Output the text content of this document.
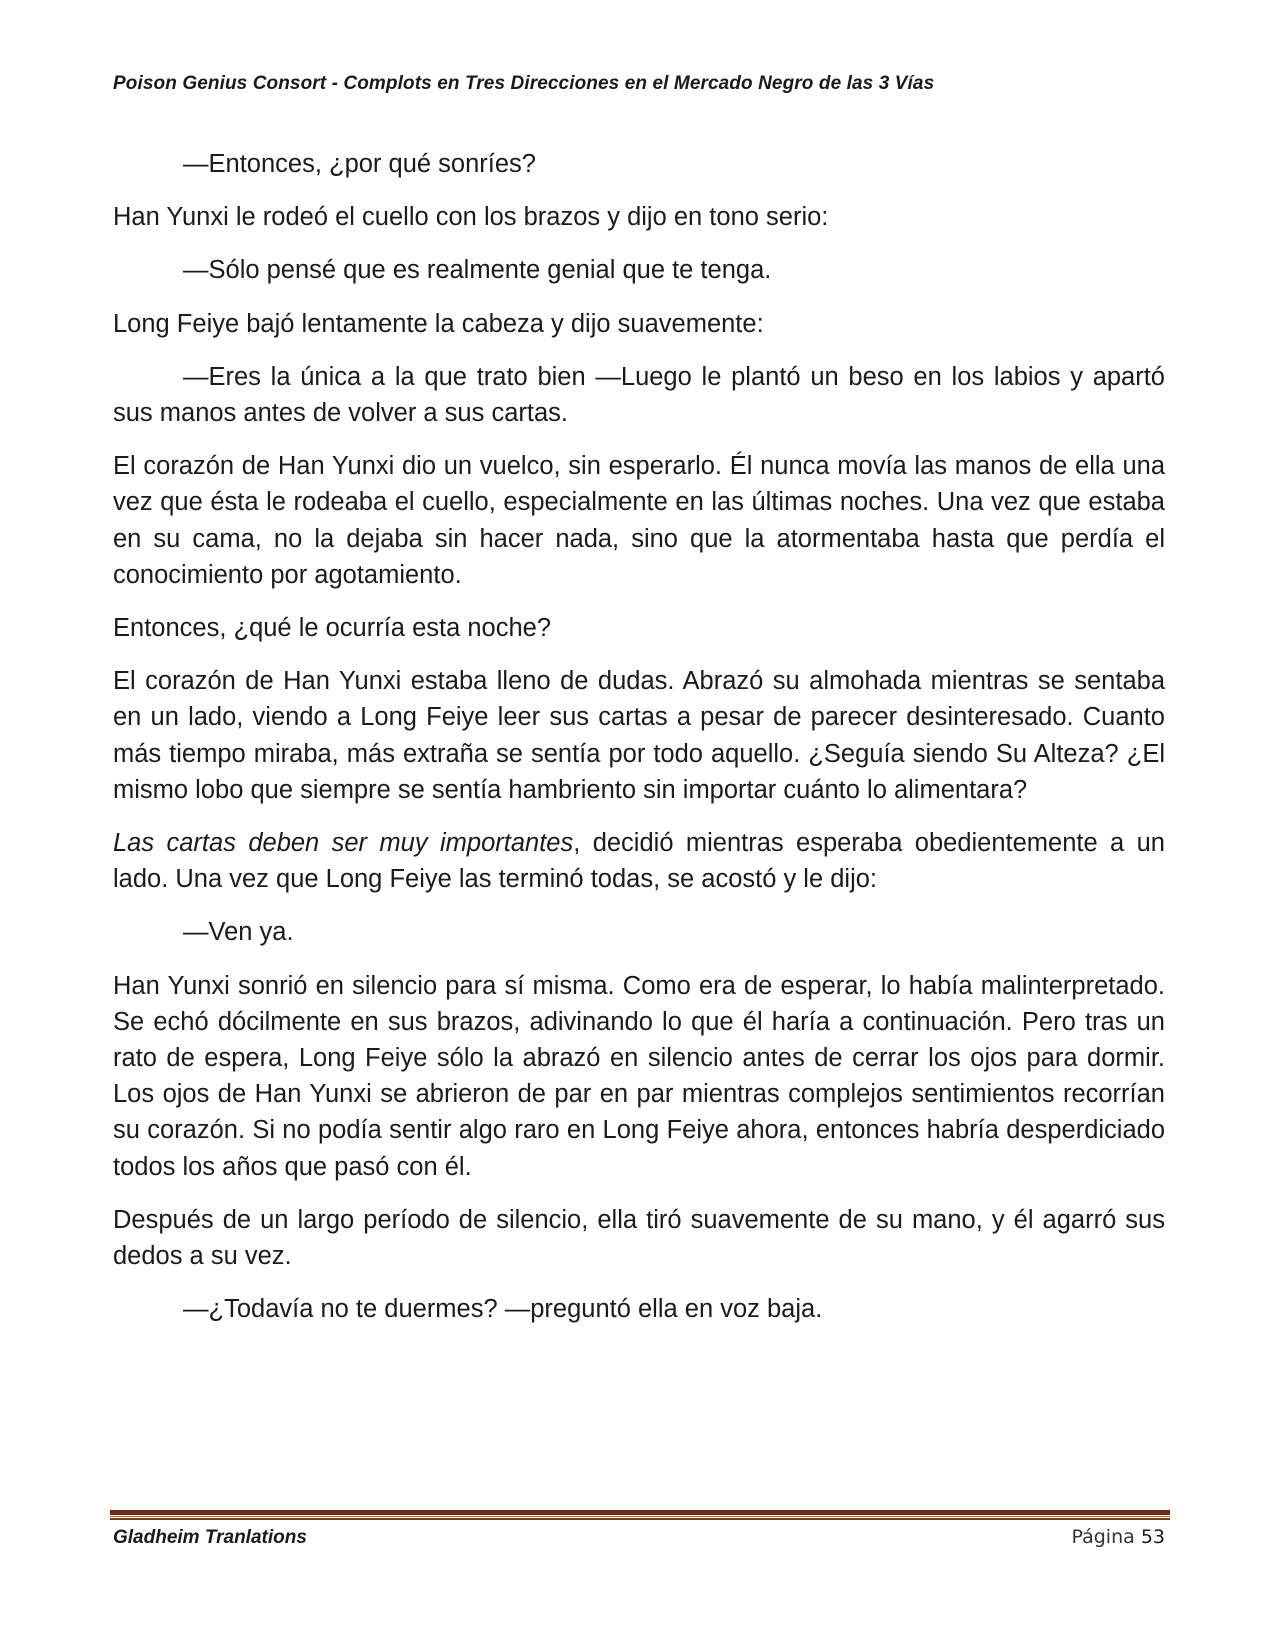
Poison Genius Consort - Complots en Tres Direcciones en el Mercado Negro de las 3 Vías

—Entonces, ¿por qué sonríes?

Han Yunxi le rodeó el cuello con los brazos y dijo en tono serio:

—Sólo pensé que es realmente genial que te tenga.

Long Feiye bajó lentamente la cabeza y dijo suavemente:

—Eres la única a la que trato bien —Luego le plantó un beso en los labios y apartó sus manos antes de volver a sus cartas.

El corazón de Han Yunxi dio un vuelco, sin esperarlo. Él nunca movía las manos de ella una vez que ésta le rodeaba el cuello, especialmente en las últimas noches. Una vez que estaba en su cama, no la dejaba sin hacer nada, sino que la atormentaba hasta que perdía el conocimiento por agotamiento.

Entonces, ¿qué le ocurría esta noche?

El corazón de Han Yunxi estaba lleno de dudas. Abrazó su almohada mientras se sentaba en un lado, viendo a Long Feiye leer sus cartas a pesar de parecer desinteresado. Cuanto más tiempo miraba, más extraña se sentía por todo aquello. ¿Seguía siendo Su Alteza? ¿El mismo lobo que siempre se sentía hambriento sin importar cuánto lo alimentara?

Las cartas deben ser muy importantes, decidió mientras esperaba obedientemente a un lado. Una vez que Long Feiye las terminó todas, se acostó y le dijo:

—Ven ya.

Han Yunxi sonrió en silencio para sí misma. Como era de esperar, lo había malinterpretado. Se echó dócilmente en sus brazos, adivinando lo que él haría a continuación. Pero tras un rato de espera, Long Feiye sólo la abrazó en silencio antes de cerrar los ojos para dormir. Los ojos de Han Yunxi se abrieron de par en par mientras complejos sentimientos recorrían su corazón. Si no podía sentir algo raro en Long Feiye ahora, entonces habría desperdiciado todos los años que pasó con él.

Después de un largo período de silencio, ella tiró suavemente de su mano, y él agarró sus dedos a su vez.

—¿Todavía no te duermes? —preguntó ella en voz baja.

Gladheim Tranlations	Página 53
